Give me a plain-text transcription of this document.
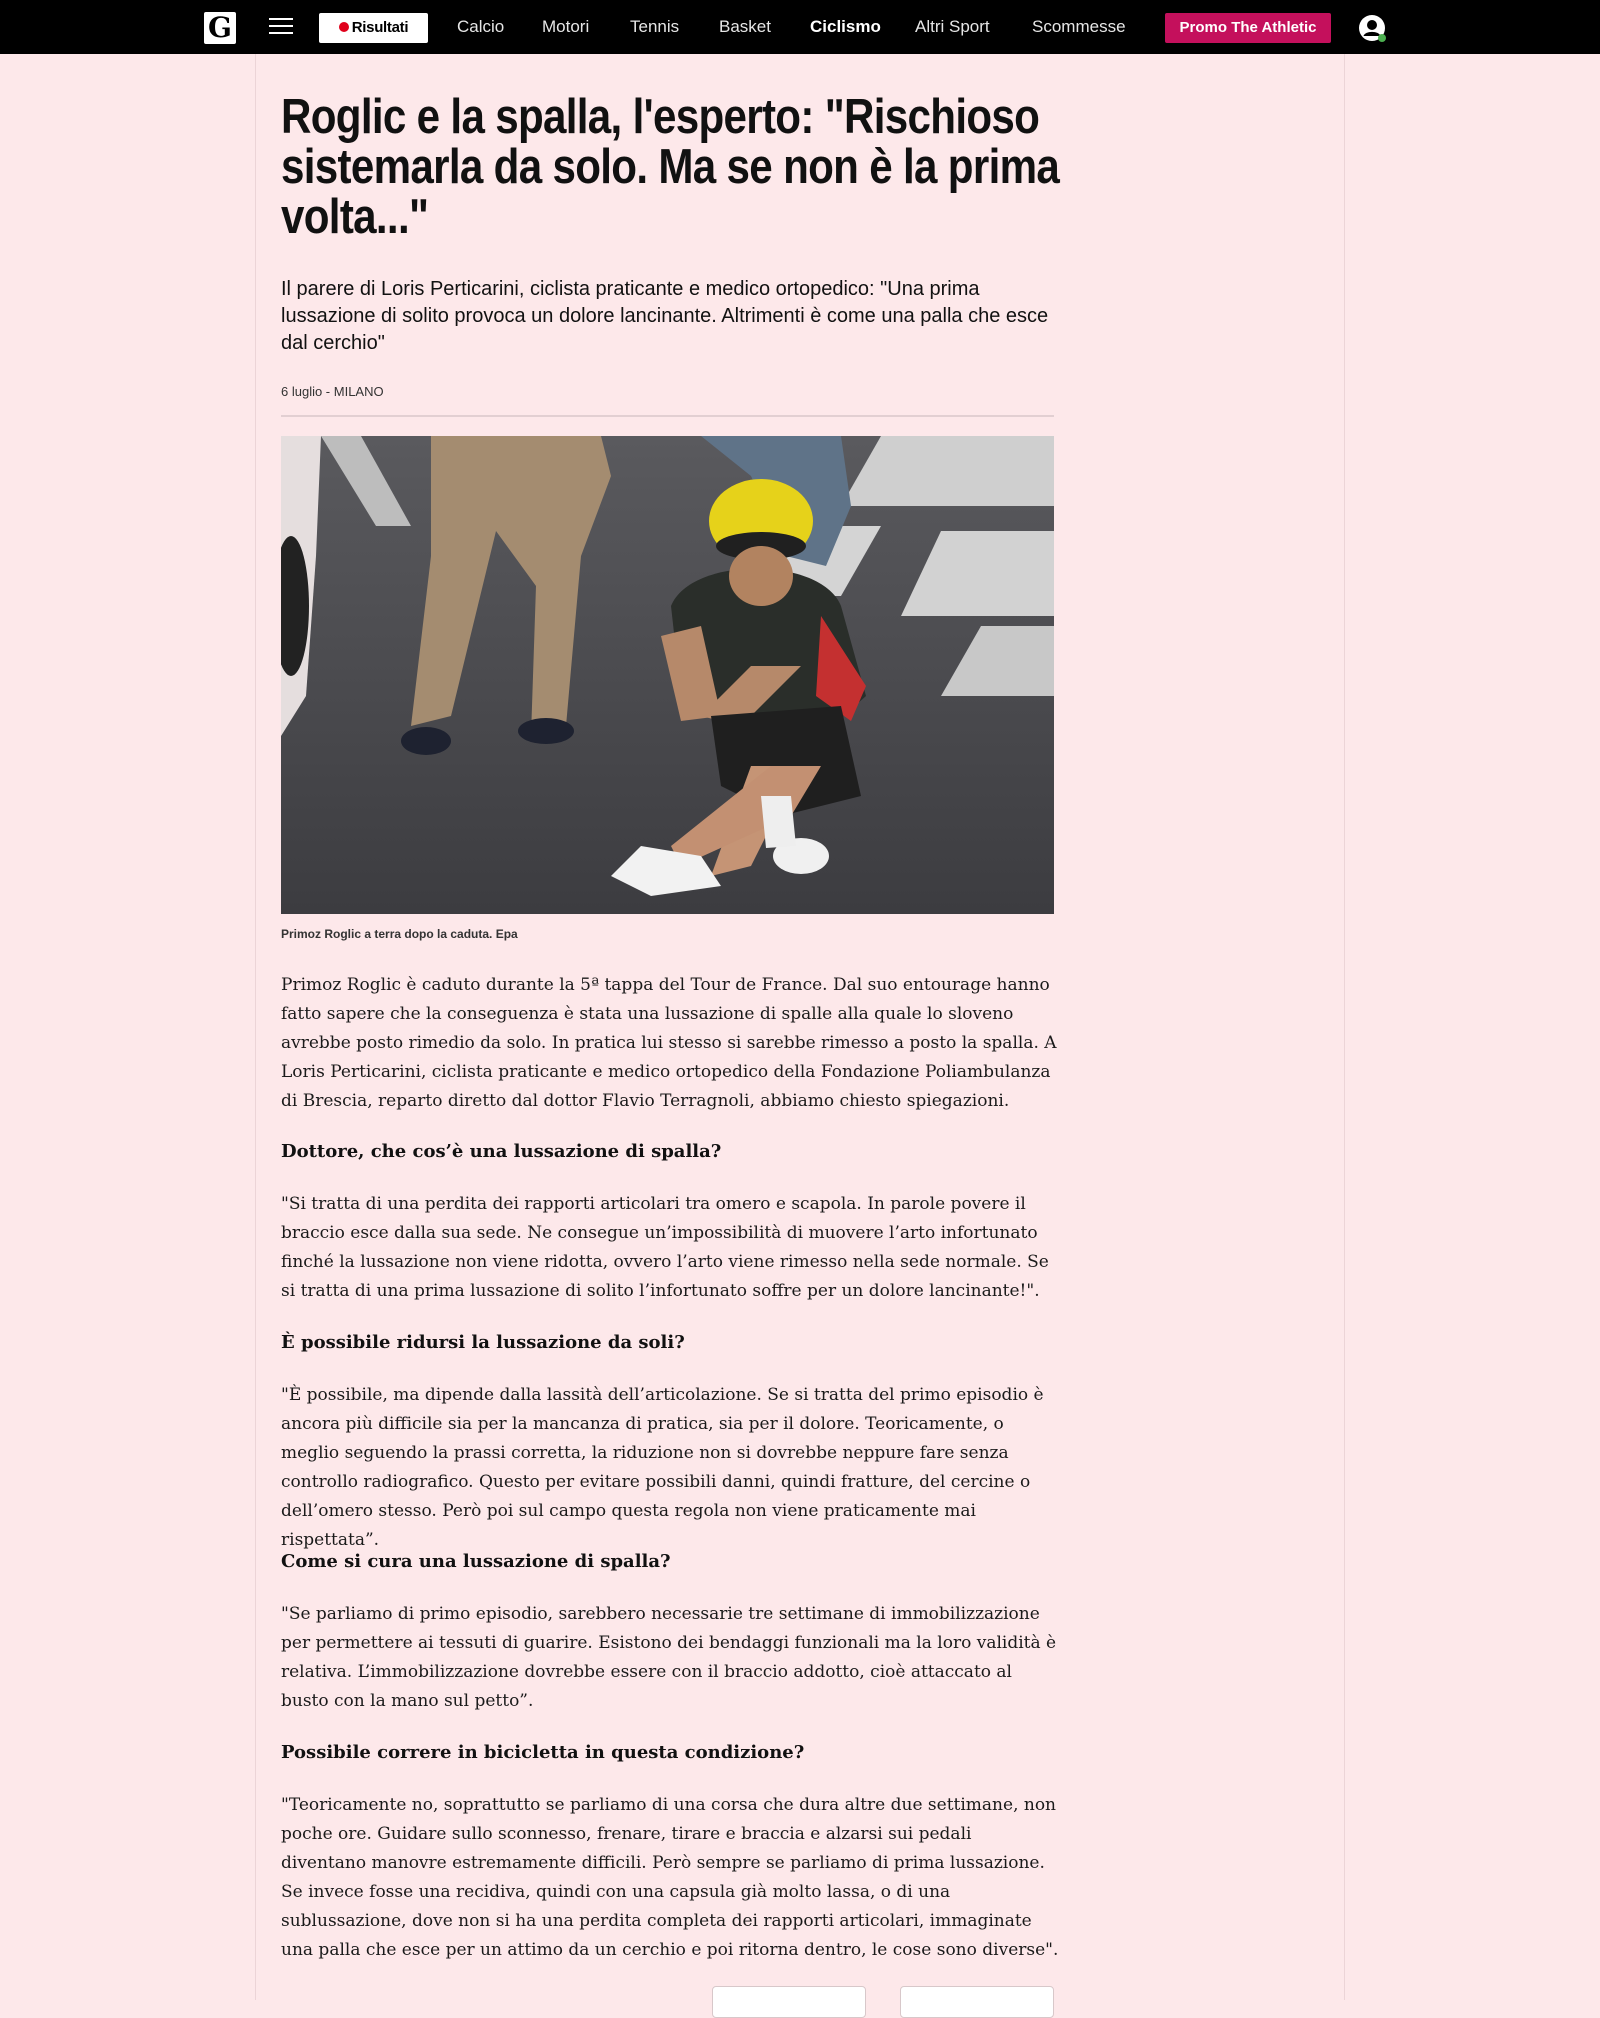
G	Risultati	Calcio Motori Tennis Basket Ciclismo Altri Sport Scommesse	Promo The Athletic
Roglic e la spalla, l'esperto: "Rischioso sistemarla da solo. Ma se non è la prima volta..."

Il parere di Loris Perticarini, ciclista praticante e medico ortopedico: "Una prima lussazione di solito provoca un dolore lancinante. Altrimenti è come una palla che esce dal cerchio"

6 luglio - MILANO
Primoz Roglic a terra dopo la caduta. Epa

Primoz Roglic è caduto durante la 5ª tappa del Tour de France. Dal suo entourage hanno fatto sapere che la conseguenza è stata una lussazione di spalle alla quale lo sloveno avrebbe posto rimedio da solo. In pratica lui stesso si sarebbe rimesso a posto la spalla. A Loris Perticarini, ciclista praticante e medico ortopedico della Fondazione Poliambulanza di Brescia, reparto diretto dal dottor Flavio Terragnoli, abbiamo chiesto spiegazioni.

Dottore, che cos’è una lussazione di spalla?

"Si tratta di una perdita dei rapporti articolari tra omero e scapola. In parole povere il braccio esce dalla sua sede. Ne consegue un’impossibilità di muovere l’arto infortunato finché la lussazione non viene ridotta, ovvero l’arto viene rimesso nella sede normale. Se si tratta di una prima lussazione di solito l’infortunato soffre per un dolore lancinante!".

È possibile ridursi la lussazione da soli?

"È possibile, ma dipende dalla lassità dell’articolazione. Se si tratta del primo episodio è ancora più difficile sia per la mancanza di pratica, sia per il dolore. Teoricamente, o meglio seguendo la prassi corretta, la riduzione non si dovrebbe neppure fare senza controllo radiografico. Questo per evitare possibili danni, quindi fratture, del cercine o dell’omero stesso. Però poi sul campo questa regola non viene praticamente mai rispettata”.

Come si cura una lussazione di spalla?

"Se parliamo di primo episodio, sarebbero necessarie tre settimane di immobilizzazione per permettere ai tessuti di guarire. Esistono dei bendaggi funzionali ma la loro validità è relativa. L’immobilizzazione dovrebbe essere con il braccio addotto, cioè attaccato al busto con la mano sul petto”.

Possibile correre in bicicletta in questa condizione?

"Teoricamente no, soprattutto se parliamo di una corsa che dura altre due settimane, non poche ore. Guidare sullo sconnesso, frenare, tirare e braccia e alzarsi sui pedali diventano manovre estremamente difficili. Però sempre se parliamo di prima lussazione. Se invece fosse una recidiva, quindi con una capsula già molto lassa, o di una sublussazione, dove non si ha una perdita completa dei rapporti articolari, immaginate una palla che esce per un attimo da un cerchio e poi ritorna dentro, le cose sono diverse".
